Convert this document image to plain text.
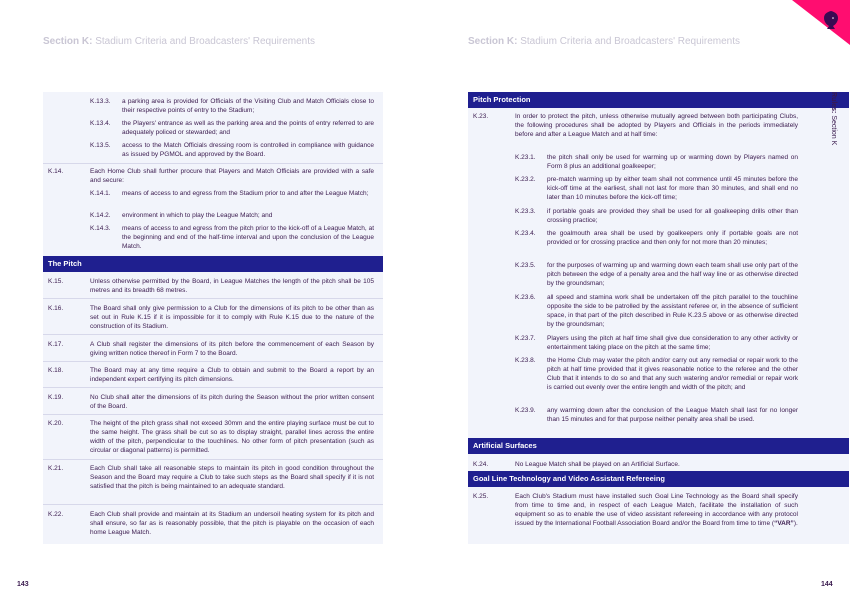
Section K: Stadium Criteria and Broadcasters' Requirements
K.13.3. a parking area is provided for Officials of the Visiting Club and Match Officials close to their respective points of entry to the Stadium;
K.13.4. the Players' entrance as well as the parking area and the points of entry referred to are adequately policed or stewarded; and
K.13.5. access to the Match Officials dressing room is controlled in compliance with guidance as issued by PGMOL and approved by the Board.
K.14.	Each Home Club shall further procure that Players and Match Officials are provided with a safe and secure:
K.14.1. means of access to and egress from the Stadium prior to and after the League Match;
K.14.2. environment in which to play the League Match; and
K.14.3. means of access to and egress from the pitch prior to the kick-off of a League Match, at the beginning and end of the half-time interval and upon the conclusion of the League Match.
The Pitch
K.15.	Unless otherwise permitted by the Board, in League Matches the length of the pitch shall be 105 metres and its breadth 68 metres.
K.16.	The Board shall only give permission to a Club for the dimensions of its pitch to be other than as set out in Rule K.15 if it is impossible for it to comply with Rule K.15 due to the nature of the construction of its Stadium.
K.17.	A Club shall register the dimensions of its pitch before the commencement of each Season by giving written notice thereof in Form 7 to the Board.
K.18.	The Board may at any time require a Club to obtain and submit to the Board a report by an independent expert certifying its pitch dimensions.
K.19.	No Club shall alter the dimensions of its pitch during the Season without the prior written consent of the Board.
K.20.	The height of the pitch grass shall not exceed 30mm and the entire playing surface must be cut to the same height. The grass shall be cut so as to display straight, parallel lines across the entire width of the pitch, perpendicular to the touchlines. No other form of pitch presentation (such as circular or diagonal patterns) is permitted.
K.21.	Each Club shall take all reasonable steps to maintain its pitch in good condition throughout the Season and the Board may require a Club to take such steps as the Board shall specify if it is not satisfied that the pitch is being maintained to an adequate standard.
K.22.	Each Club shall provide and maintain at its Stadium an undersoil heating system for its pitch and shall ensure, so far as is reasonably possible, that the pitch is playable on the occasion of each home League Match.
143
Section K: Stadium Criteria and Broadcasters' Requirements
Pitch Protection
K.23.	In order to protect the pitch, unless otherwise mutually agreed between both participating Clubs, the following procedures shall be adopted by Players and Officials in the periods immediately before and after a League Match and at half time:
K.23.1. the pitch shall only be used for warming up or warming down by Players named on Form 8 plus an additional goalkeeper;
K.23.2. pre-match warming up by either team shall not commence until 45 minutes before the kick-off time at the earliest, shall not last for more than 30 minutes, and shall end no later than 10 minutes before the kick-off time;
K.23.3. if portable goals are provided they shall be used for all goalkeeping drills other than crossing practice;
K.23.4. the goalmouth area shall be used by goalkeepers only if portable goals are not provided or for crossing practice and then only for not more than 20 minutes;
K.23.5. for the purposes of warming up and warming down each team shall use only part of the pitch between the edge of a penalty area and the half way line or as otherwise directed by the groundsman;
K.23.6. all speed and stamina work shall be undertaken off the pitch parallel to the touchline opposite the side to be patrolled by the assistant referee or, in the absence of sufficient space, in that part of the pitch described in Rule K.23.5 above or as otherwise directed by the groundsman;
K.23.7. Players using the pitch at half time shall give due consideration to any other activity or entertainment taking place on the pitch at the same time;
K.23.8. the Home Club may water the pitch and/or carry out any remedial or repair work to the pitch at half time provided that it gives reasonable notice to the referee and the other Club that it intends to do so and that any such watering and/or remedial or repair work is carried out evenly over the entire length and width of the pitch; and
K.23.9. any warming down after the conclusion of the League Match shall last for no longer than 15 minutes and for that purpose neither penalty area shall be used.
Artificial Surfaces
K.24.	No League Match shall be played on an Artificial Surface.
Goal Line Technology and Video Assistant Refereeing
K.25.	Each Club's Stadium must have installed such Goal Line Technology as the Board shall specify from time to time and, in respect of each League Match, facilitate the installation of such equipment so as to enable the use of video assistant refereeing in accordance with any protocol issued by the International Football Association Board and/or the Board from time to time (“VAR”).
144
Rules: Section K
